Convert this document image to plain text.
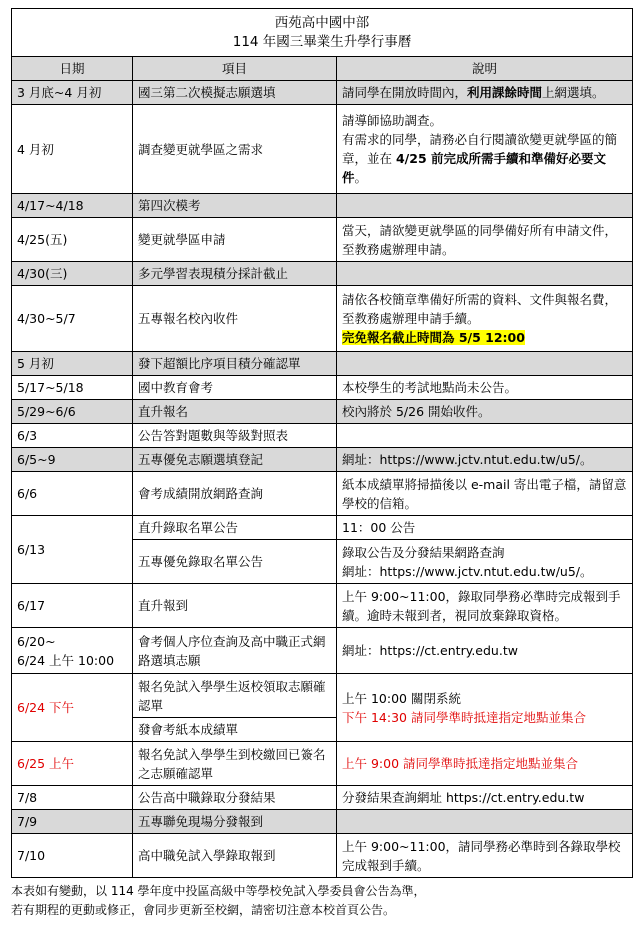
西苑高中國中部
114 年國三畢業生升學行事曆		

日期	項目	說明
3 月底~4 月初	國三第二次模擬志願選填	請同學在開放時間內，利用課餘時間上網選填。
4 月初	調查變更就學區之需求	請導師協助調查。
有需求的同學，請務必自行閱讀欲變更就學區的簡章，並在 4/25 前完成所需手續和準備好必要文件。

4/17~4/18	第四次模考	
4/25(五)	變更就學區申請	當天，請欲變更就學區的同學備好所有申請文件，至教務處辦理申請。
4/30(三)	多元學習表現積分採計截止	
4/30~5/7	五專報名校內收件	請依各校簡章準備好所需的資料、文件與報名費，至教務處辦理申請手續。
完免報名截止時間為 5/5 12:00

5 月初	發下超額比序項目積分確認單	
5/17~5/18	國中教育會考	本校學生的考試地點尚未公告。
5/29~6/6	直升報名	校內將於 5/26 開始收件。
6/3	公告答對題數與等級對照表	
6/5~9	五專優免志願選填登記	網址：https://www.jctv.ntut.edu.tw/u5/。
6/6	會考成績開放網路查詢	紙本成績單將掃描後以 e-mail 寄出電子檔，請留意學校的信箱。
6/13	直升錄取名單公告	11：00 公告
	五專優免錄取名單公告	錄取公告及分發結果網路查詢
網址：https://www.jctv.ntut.edu.tw/u5/。

6/17	直升報到	上午 9:00~11:00，錄取同學務必準時完成報到手續。逾時未報到者，視同放棄錄取資格。

6/20~
6/24 上午 10:00	會考個人序位查詢及高中職正式網路選填志願	網址：https://ct.entry.edu.tw
6/24 下午	報名免試入學學生返校領取志願確認單	上午 10:00 關閉系統
下午 14:30 請同學準時抵達指定地點並集合

	發會考紙本成績單	
6/25 上午	報名免試入學學生到校繳回已簽名之志願確認單	上午 9:00 請同學準時抵達指定地點並集合
7/8	公告高中職錄取分發結果	分發結果查詢網址 https://ct.entry.edu.tw
7/9	五專聯免現場分發報到	
7/10	高中職免試入學錄取報到	上午 9:00~11:00，請同學務必準時到各錄取學校完成報到手續。
本表如有變動，以 114 學年度中投區高級中等學校免試入學委員會公告為準，
若有期程的更動或修正，會同步更新至校網，請密切注意本校首頁公告。
